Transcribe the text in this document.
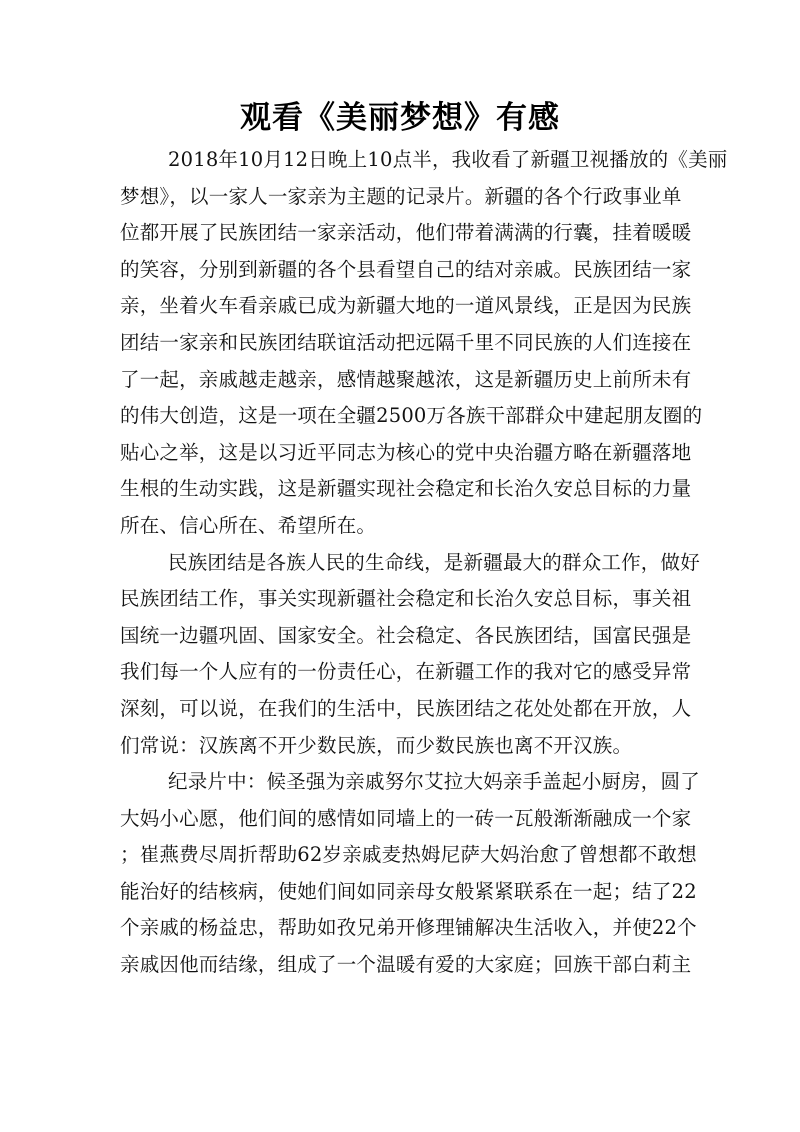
观看《美丽梦想》有感
2018年10月12日晚上10点半，我收看了新疆卫视播放的《美丽
梦想》，以一家人一家亲为主题的记录片。新疆的各个行政事业单
位都开展了民族团结一家亲活动，他们带着满满的行囊，挂着暖暖
的笑容，分别到新疆的各个县看望自己的结对亲戚。民族团结一家
亲，坐着火车看亲戚已成为新疆大地的一道风景线，正是因为民族
团结一家亲和民族团结联谊活动把远隔千里不同民族的人们连接在
了一起，亲戚越走越亲，感情越聚越浓，这是新疆历史上前所未有
的伟大创造，这是一项在全疆2500万各族干部群众中建起朋友圈的
贴心之举，这是以习近平同志为核心的党中央治疆方略在新疆落地
生根的生动实践，这是新疆实现社会稳定和长治久安总目标的力量
所在、信心所在、希望所在。
民族团结是各族人民的生命线，是新疆最大的群众工作，做好
民族团结工作，事关实现新疆社会稳定和长治久安总目标，事关祖
国统一边疆巩固、国家安全。社会稳定、各民族团结，国富民强是
我们每一个人应有的一份责任心，在新疆工作的我对它的感受异常
深刻，可以说，在我们的生活中，民族团结之花处处都在开放，人
们常说：汉族离不开少数民族，而少数民族也离不开汉族。
纪录片中：候圣强为亲戚努尔艾拉大妈亲手盖起小厨房，圆了
大妈小心愿，他们间的感情如同墙上的一砖一瓦般渐渐融成一个家
；崔燕费尽周折帮助62岁亲戚麦热姆尼萨大妈治愈了曾想都不敢想
能治好的结核病，使她们间如同亲母女般紧紧联系在一起；结了22
个亲戚的杨益忠，帮助如孜兄弟开修理铺解决生活收入，并使22个
亲戚因他而结缘，组成了一个温暖有爱的大家庭；回族干部白莉主
